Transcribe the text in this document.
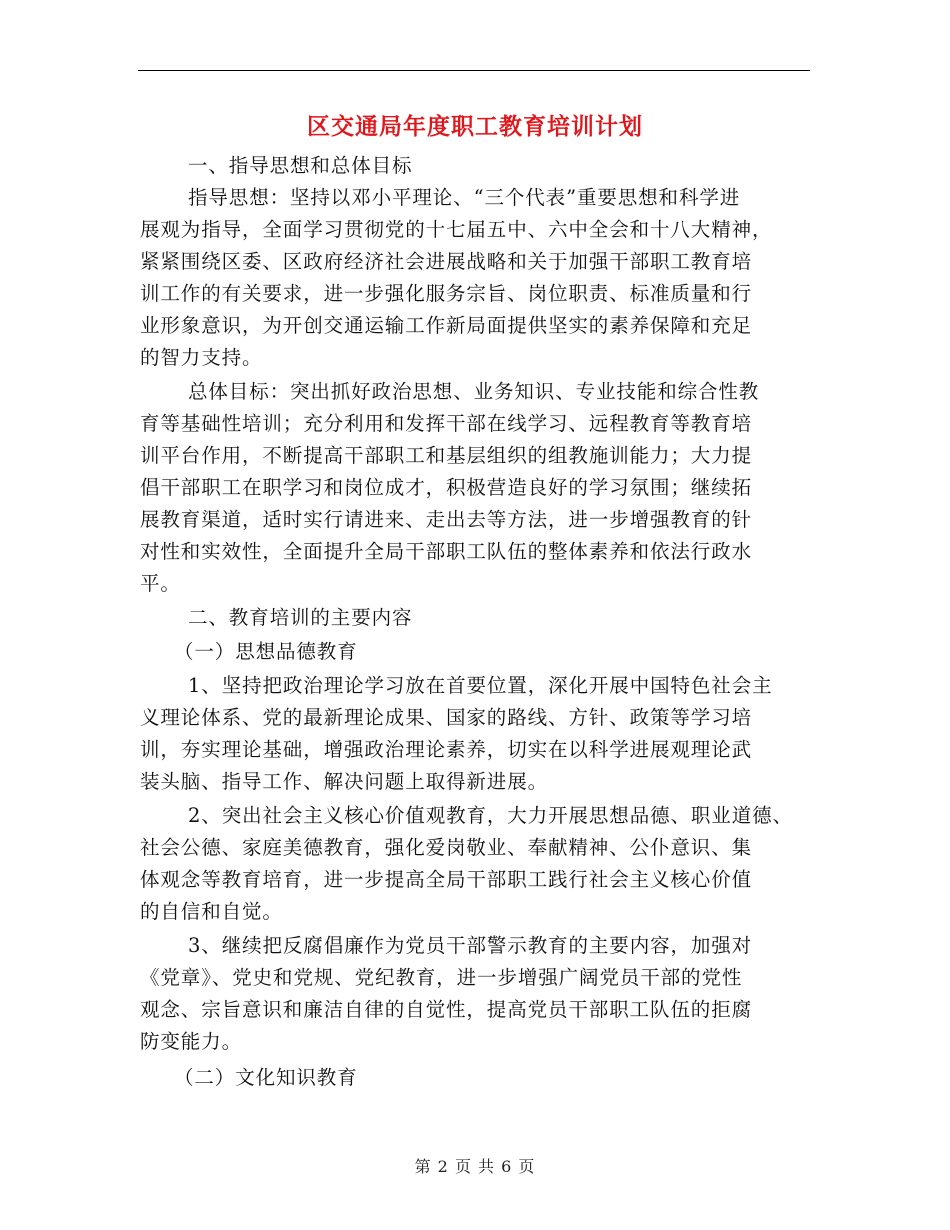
区交通局年度职工教育培训计划
一、指导思想和总体目标
指导思想：坚持以邓小平理论、“三个代表”重要思想和科学进
展观为指导，全面学习贯彻党的十七届五中、六中全会和十八大精神，
紧紧围绕区委、区政府经济社会进展战略和关于加强干部职工教育培
训工作的有关要求，进一步强化服务宗旨、岗位职责、标准质量和行
业形象意识，为开创交通运输工作新局面提供坚实的素养保障和充足
的智力支持。
总体目标：突出抓好政治思想、业务知识、专业技能和综合性教
育等基础性培训；充分利用和发挥干部在线学习、远程教育等教育培
训平台作用，不断提高干部职工和基层组织的组教施训能力；大力提
倡干部职工在职学习和岗位成才，积极营造良好的学习氛围；继续拓
展教育渠道，适时实行请进来、走出去等方法，进一步增强教育的针
对性和实效性，全面提升全局干部职工队伍的整体素养和依法行政水
平。
二、教育培训的主要内容
（一）思想品德教育
1、坚持把政治理论学习放在首要位置，深化开展中国特色社会主
义理论体系、党的最新理论成果、国家的路线、方针、政策等学习培
训，夯实理论基础，增强政治理论素养，切实在以科学进展观理论武
装头脑、指导工作、解决问题上取得新进展。
2、突出社会主义核心价值观教育，大力开展思想品德、职业道德、
社会公德、家庭美德教育，强化爱岗敬业、奉献精神、公仆意识、集
体观念等教育培育，进一步提高全局干部职工践行社会主义核心价值
的自信和自觉。
3、继续把反腐倡廉作为党员干部警示教育的主要内容，加强对
《党章》、党史和党规、党纪教育，进一步增强广阔党员干部的党性
观念、宗旨意识和廉洁自律的自觉性，提高党员干部职工队伍的拒腐
防变能力。
（二）文化知识教育
第 2 页 共 6 页
